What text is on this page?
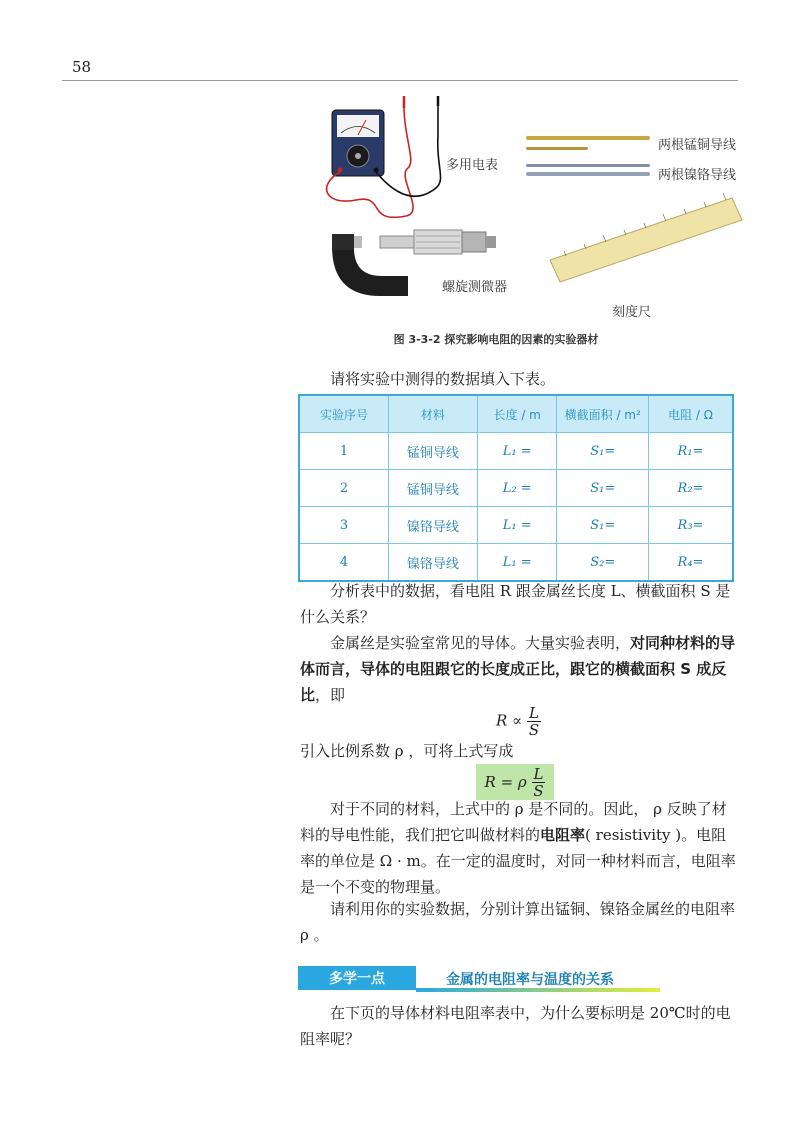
58
多用电表
两根锰铜导线
两根镍铬导线
螺旋测微器
刻度尺
图 3-3-2 探究影响电阻的因素的实验器材
请将实验中测得的数据填入下表。
实验序号	材料	长度 / m	横截面积 / m²	电阻 / Ω
1	锰铜导线	L₁ =	S₁=	R₁=
2	锰铜导线	L₂ =	S₁=	R₂=
3	镍铬导线	L₁ =	S₁=	R₃=
4	镍铬导线	L₁ =	S₂=	R₄=

分析表中的数据，看电阻 R 跟金属丝长度 L、横截面积 S 是什么关系？

金属丝是实验室常见的导体。大量实验表明，对同种材料的导体而言，导体的电阻跟它的长度成正比，跟它的横截面积 S 成反比，即

$R \propto \frac{L}{S}$

引入比例系数 ρ ，可将上式写成

R = ρ
$\frac{L}{S}$

对于不同的材料，上式中的 ρ 是不同的。因此， ρ 反映了材料的导电性能，我们把它叫做材料的电阻率( resistivity )。电阻率的单位是 Ω · m。在一定的温度时，对同一种材料而言，电阻率是一个不变的物理量。

请利用你的实验数据，分别计算出锰铜、镍铬金属丝的电阻率 ρ 。

多学一点	金属的电阻率与温度的关系

在下页的导体材料电阻率表中，为什么要标明是 20℃时的电阻率呢？
